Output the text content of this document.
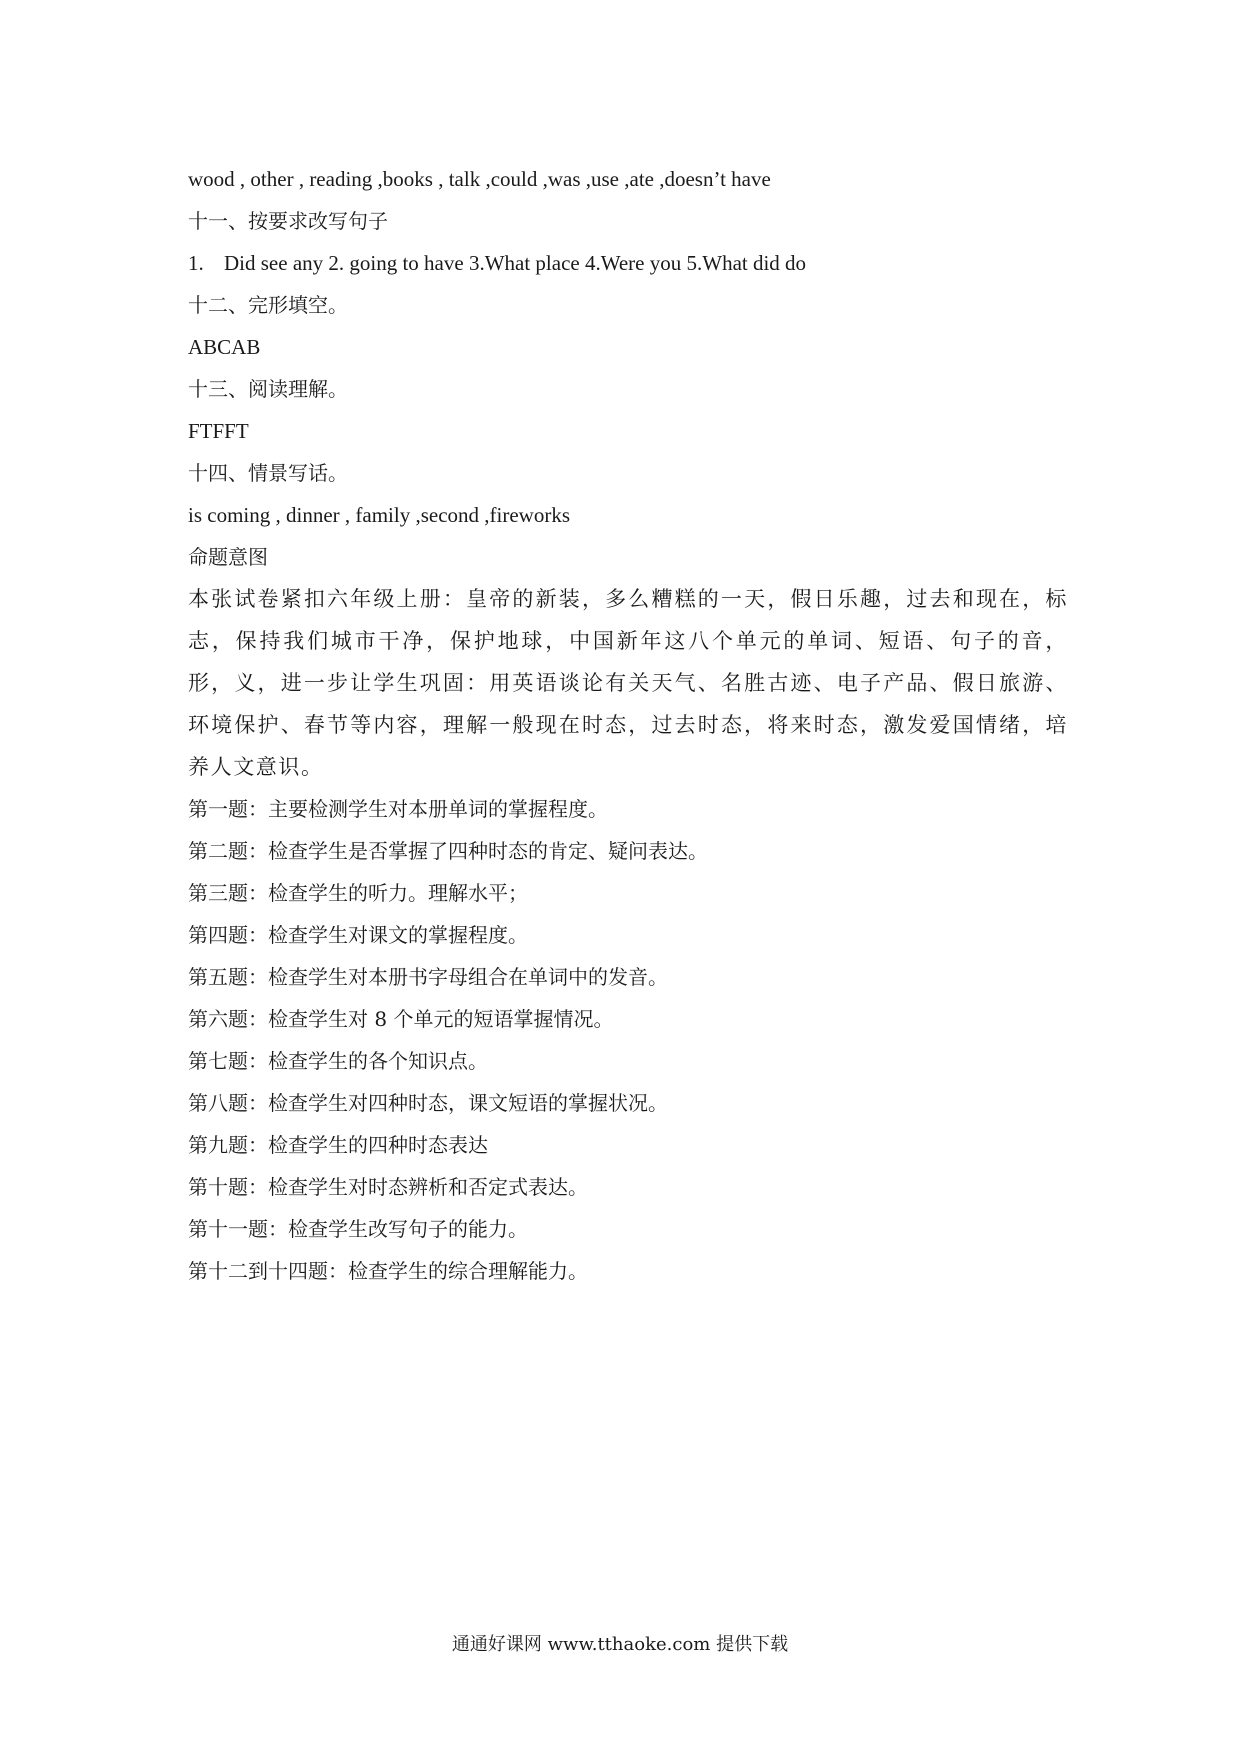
wood , other , reading ,books , talk ,could ,was ,use ,ate ,doesn’t have
十一、按要求改写句子
1. Did see any 2. going to have 3.What place 4.Were you 5.What did do
十二、完形填空。
ABCAB
十三、阅读理解。
FTFFT
十四、情景写话。
is coming , dinner , family ,second ,fireworks
命题意图
本张试卷紧扣六年级上册：皇帝的新装，多么糟糕的一天，假日乐趣，过去和现在，标志，保持我们城市干净，保护地球，中国新年这八个单元的单词、短语、句子的音，形，义，进一步让学生巩固：用英语谈论有关天气、名胜古迹、电子产品、假日旅游、环境保护、春节等内容，理解一般现在时态，过去时态，将来时态，激发爱国情绪，培养人文意识。
第一题：主要检测学生对本册单词的掌握程度。
第二题：检查学生是否掌握了四种时态的肯定、疑问表达。
第三题：检查学生的听力。理解水平；
第四题：检查学生对课文的掌握程度。
第五题：检查学生对本册书字母组合在单词中的发音。
第六题：检查学生对 8 个单元的短语掌握情况。
第七题：检查学生的各个知识点。
第八题：检查学生对四种时态，课文短语的掌握状况。
第九题：检查学生的四种时态表达
第十题：检查学生对时态辨析和否定式表达。
第十一题：检查学生改写句子的能力。
第十二到十四题：检查学生的综合理解能力。
通通好课网 www.tthaoke.com 提供下载
